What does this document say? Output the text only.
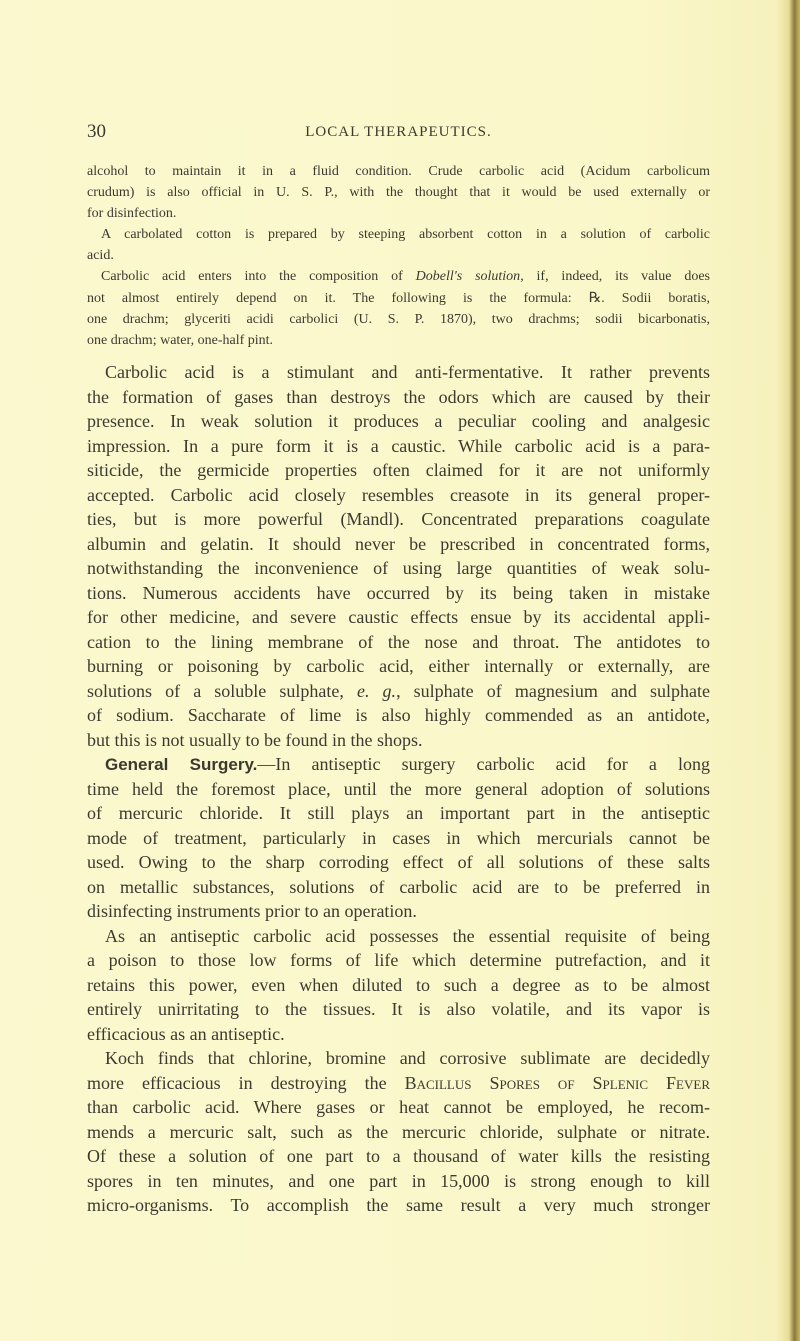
30	LOCAL THERAPEUTICS.
alcohol to maintain it in a fluid condition. Crude carbolic acid (Acidum carbolicum
crudum) is also official in U. S. P., with the thought that it would be used externally or
for disinfection.
A carbolated cotton is prepared by steeping absorbent cotton in a solution of carbolic
acid.
Carbolic acid enters into the composition of Dobell's solution, if, indeed, its value does
not almost entirely depend on it. The following is the formula: ℞. Sodii boratis,
one drachm; glyceriti acidi carbolici (U. S. P. 1870), two drachms; sodii bicarbonatis,
one drachm; water, one-half pint.
Carbolic acid is a stimulant and anti-fermentative. It rather prevents
the formation of gases than destroys the odors which are caused by their
presence. In weak solution it produces a peculiar cooling and analgesic
impression. In a pure form it is a caustic. While carbolic acid is a para-
siticide, the germicide properties often claimed for it are not uniformly
accepted. Carbolic acid closely resembles creasote in its general proper-
ties, but is more powerful (Mandl). Concentrated preparations coagulate
albumin and gelatin. It should never be prescribed in concentrated forms,
notwithstanding the inconvenience of using large quantities of weak solu-
tions. Numerous accidents have occurred by its being taken in mistake
for other medicine, and severe caustic effects ensue by its accidental appli-
cation to the lining membrane of the nose and throat. The antidotes to
burning or poisoning by carbolic acid, either internally or externally, are
solutions of a soluble sulphate, e. g., sulphate of magnesium and sulphate
of sodium. Saccharate of lime is also highly commended as an antidote,
but this is not usually to be found in the shops.
General Surgery.—In antiseptic surgery carbolic acid for a long
time held the foremost place, until the more general adoption of solutions
of mercuric chloride. It still plays an important part in the antiseptic
mode of treatment, particularly in cases in which mercurials cannot be
used. Owing to the sharp corroding effect of all solutions of these salts
on metallic substances, solutions of carbolic acid are to be preferred in
disinfecting instruments prior to an operation.
As an antiseptic carbolic acid possesses the essential requisite of being
a poison to those low forms of life which determine putrefaction, and it
retains this power, even when diluted to such a degree as to be almost
entirely unirritating to the tissues. It is also volatile, and its vapor is
efficacious as an antiseptic.
Koch finds that chlorine, bromine and corrosive sublimate are decidedly
more efficacious in destroying the Bacillus Spores of Splenic Fever
than carbolic acid. Where gases or heat cannot be employed, he recom-
mends a mercuric salt, such as the mercuric chloride, sulphate or nitrate.
Of these a solution of one part to a thousand of water kills the resisting
spores in ten minutes, and one part in 15,000 is strong enough to kill
micro-organisms. To accomplish the same result a very much stronger
